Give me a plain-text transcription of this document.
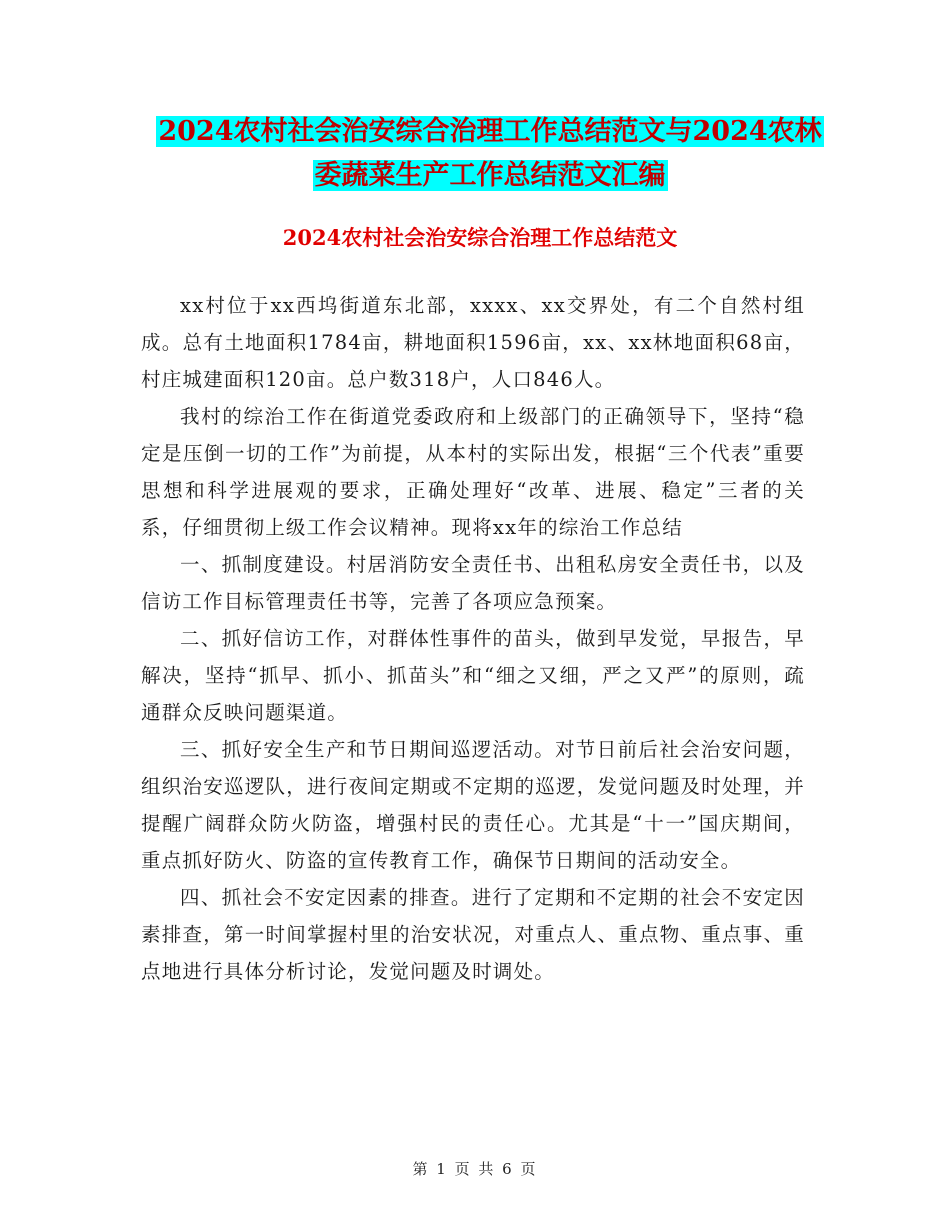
2024农村社会治安综合治理工作总结范文与2024农林
委蔬菜生产工作总结范文汇编
2024农村社会治安综合治理工作总结范文

xx村位于xx西坞街道东北部，xxxx、xx交界处，有二个自然村组成。总有土地面积1784亩，耕地面积1596亩，xx、xx林地面积68亩，村庄城建面积120亩。总户数318户，人口846人。

我村的综治工作在街道党委政府和上级部门的正确领导下，坚持“稳定是压倒一切的工作”为前提，从本村的实际出发，根据“三个代表”重要思想和科学进展观的要求，正确处理好“改革、进展、稳定”三者的关系，仔细贯彻上级工作会议精神。现将xx年的综治工作总结

一、抓制度建设。村居消防安全责任书、出租私房安全责任书，以及信访工作目标管理责任书等，完善了各项应急预案。

二、抓好信访工作，对群体性事件的苗头，做到早发觉，早报告，早解决，坚持“抓早、抓小、抓苗头”和“细之又细，严之又严”的原则，疏通群众反映问题渠道。

三、抓好安全生产和节日期间巡逻活动。对节日前后社会治安问题，组织治安巡逻队，进行夜间定期或不定期的巡逻，发觉问题及时处理，并提醒广阔群众防火防盗，增强村民的责任心。尤其是“十一”国庆期间，重点抓好防火、防盗的宣传教育工作，确保节日期间的活动安全。

四、抓社会不安定因素的排查。进行了定期和不定期的社会不安定因素排查，第一时间掌握村里的治安状况，对重点人、重点物、重点事、重点地进行具体分析讨论，发觉问题及时调处。

第 1 页 共 6 页
